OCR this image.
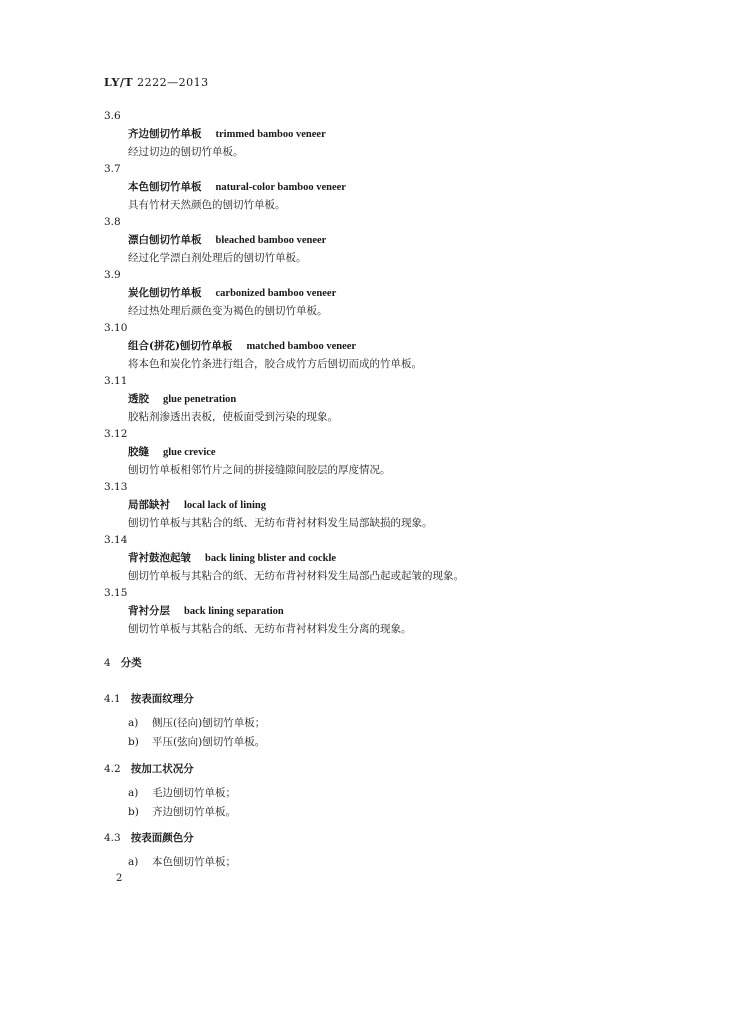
LY/T 2222—2013
3.6
齐边刨切竹单板 trimmed bamboo veneer
经过切边的刨切竹单板。
3.7
本色刨切竹单板 natural-color bamboo veneer
具有竹材天然颜色的刨切竹单板。
3.8
漂白刨切竹单板 bleached bamboo veneer
经过化学漂白剂处理后的刨切竹单板。
3.9
炭化刨切竹单板 carbonized bamboo veneer
经过热处理后颜色变为褐色的刨切竹单板。
3.10
组合(拼花)刨切竹单板 matched bamboo veneer
将本色和炭化竹条进行组合，胶合成竹方后刨切而成的竹单板。
3.11
透胶 glue penetration
胶粘剂渗透出表板，使板面受到污染的现象。
3.12
胶缝 glue crevice
刨切竹单板相邻竹片之间的拼接缝隙间胶层的厚度情况。
3.13
局部缺衬 local lack of lining
刨切竹单板与其粘合的纸、无纺布背衬材料发生局部缺损的现象。
3.14
背衬鼓泡起皱 back lining blister and cockle
刨切竹单板与其粘合的纸、无纺布背衬材料发生局部凸起或起皱的现象。
3.15
背衬分层 back lining separation
刨切竹单板与其粘合的纸、无纺布背衬材料发生分离的现象。
4 分类
4.1 按表面纹理分
a) 侧压(径向)刨切竹单板；
b) 平压(弦向)刨切竹单板。
4.2 按加工状况分
a) 毛边刨切竹单板；
b) 齐边刨切竹单板。
4.3 按表面颜色分
a) 本色刨切竹单板；
2
